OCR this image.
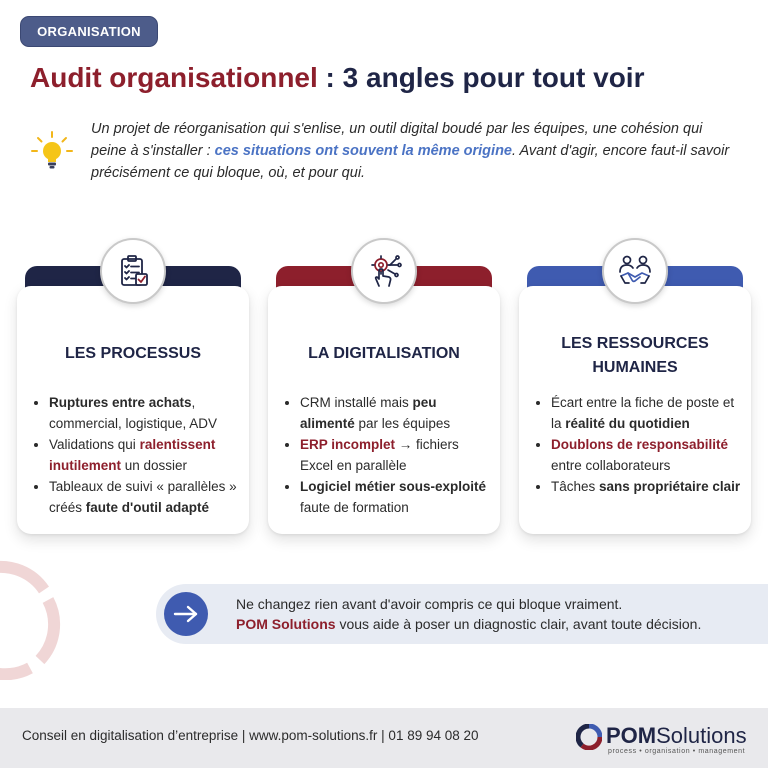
ORGANISATION
Audit organisationnel : 3 angles pour tout voir
Un projet de réorganisation qui s'enlise, un outil digital boudé par les équipes, une cohésion qui peine à s'installer : ces situations ont souvent la même origine. Avant d'agir, encore faut-il savoir précisément ce qui bloque, où, et pour qui.
LES PROCESSUS
• Ruptures entre achats, commercial, logistique, ADV
• Validations qui ralentissent inutilement un dossier
• Tableaux de suivi « parallèles » créés faute d'outil adapté
LA DIGITALISATION
• CRM installé mais peu alimenté par les équipes
• ERP incomplet → fichiers Excel en parallèle
• Logiciel métier sous-exploité faute de formation
LES RESSOURCES HUMAINES
• Écart entre la fiche de poste et la réalité du quotidien
• Doublons de responsabilité entre collaborateurs
• Tâches sans propriétaire clair
Ne changez rien avant d'avoir compris ce qui bloque vraiment.
POM Solutions vous aide à poser un diagnostic clair, avant toute décision.
Conseil en digitalisation d’entreprise | www.pom-solutions.fr | 01 89 94 08 20	POMSolutions
process • organisation • management
